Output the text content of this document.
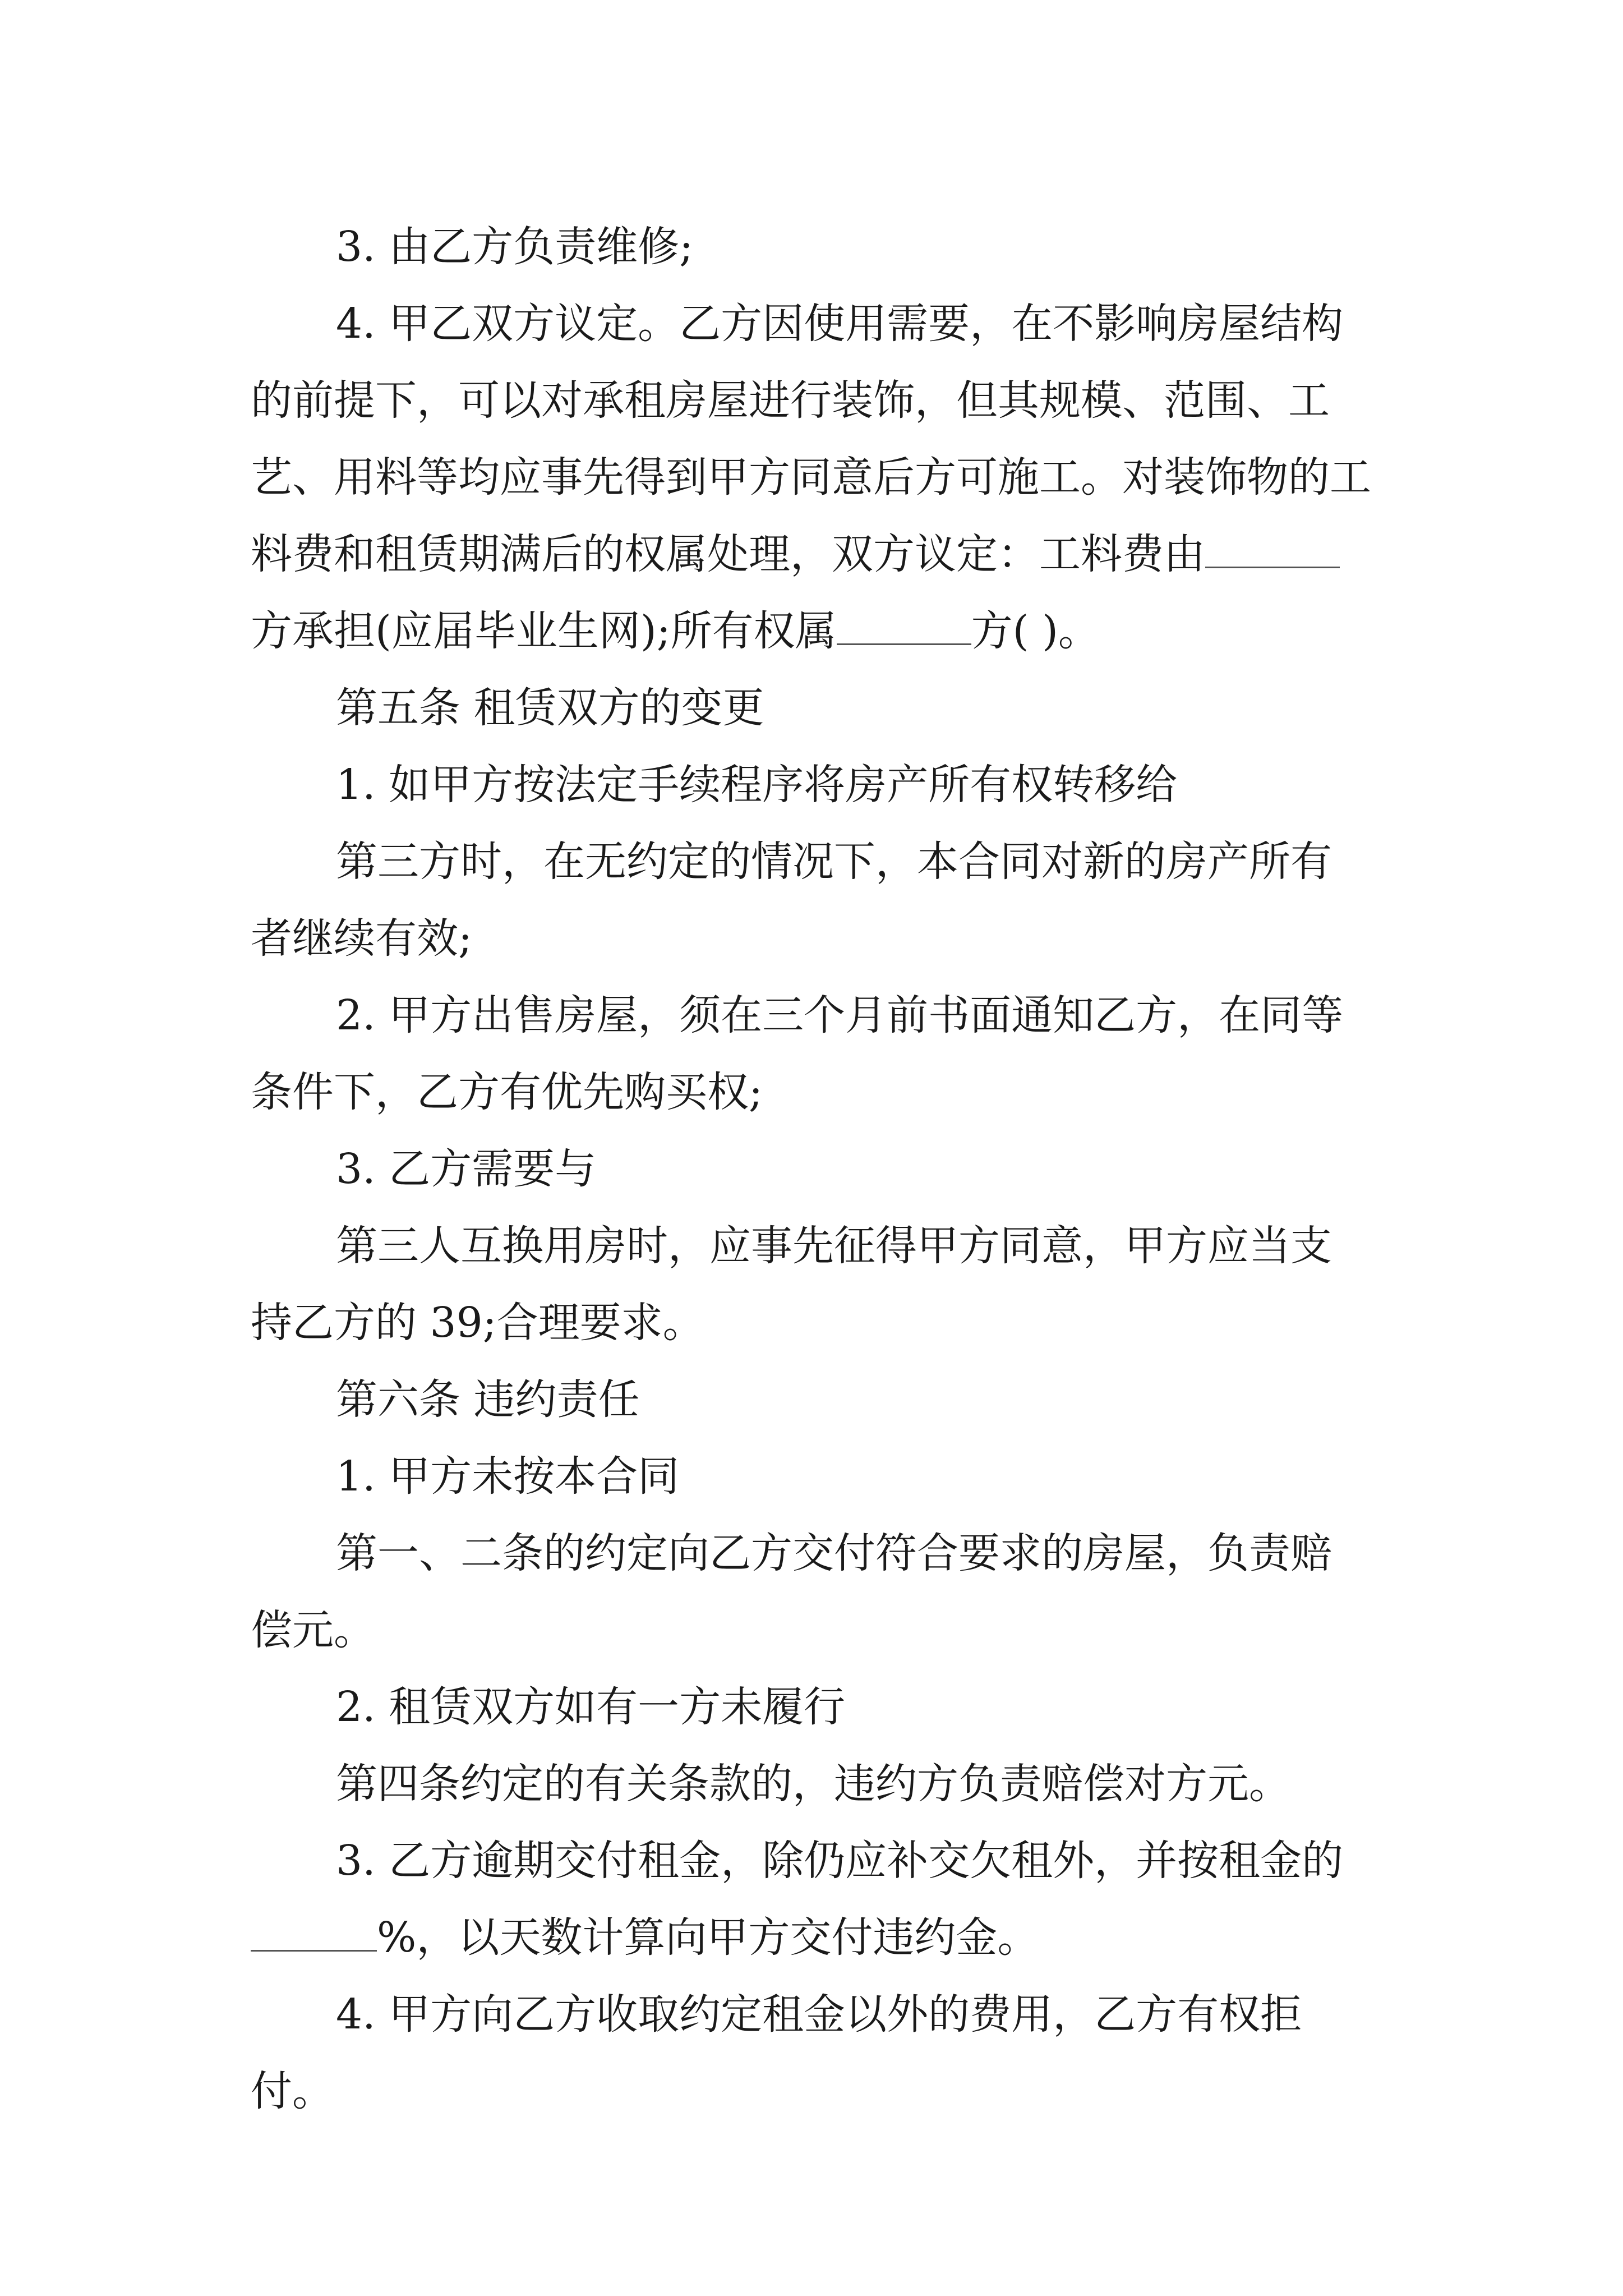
3. 由乙方负责维修;

4. 甲乙双方议定。乙方因使用需要，在不影响房屋结构的前提下，可以对承租房屋进行装饰，但其规模、范围、工艺、用料等均应事先得到甲方同意后方可施工。对装饰物的工料费和租赁期满后的权属处理，双方议定：工料费由方承担(应届毕业生网);所有权属	方( )。

第五条 租赁双方的变更

1. 如甲方按法定手续程序将房产所有权转移给

第三方时，在无约定的情况下，本合同对新的房产所有者继续有效;

2. 甲方出售房屋，须在三个月前书面通知乙方，在同等条件下，乙方有优先购买权;

3. 乙方需要与

第三人互换用房时，应事先征得甲方同意，甲方应当支持乙方的 39;合理要求。

第六条 违约责任

1. 甲方未按本合同

第一、二条的约定向乙方交付符合要求的房屋，负责赔偿元。

2. 租赁双方如有一方未履行

第四条约定的有关条款的，违约方负责赔偿对方元。

3. 乙方逾期交付租金，除仍应补交欠租外，并按租金的

%，以天数计算向甲方交付违约金。

4. 甲方向乙方收取约定租金以外的费用，乙方有权拒付。
